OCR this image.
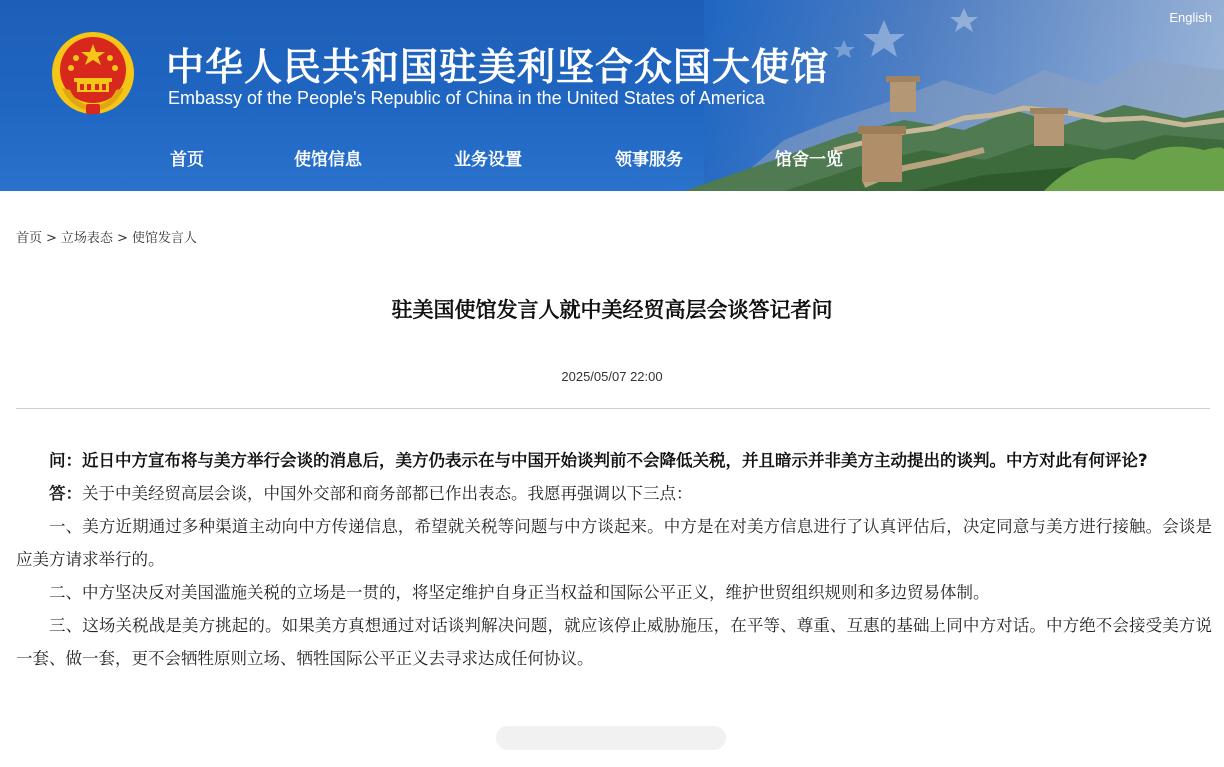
中华人民共和国驻美利坚合众国大使馆
Embassy of the People's Republic of China in the United States of America
English
首页	使馆信息	业务设置	领事服务	馆舍一览
首页 > 立场表态 > 使馆发言人
驻美国使馆发言人就中美经贸高层会谈答记者问
2025/05/07 22:00

问：近日中方宣布将与美方举行会谈的消息后，美方仍表示在与中国开始谈判前不会降低关税，并且暗示并非美方主动提出的谈判。中方对此有何评论?

答：关于中美经贸高层会谈，中国外交部和商务部都已作出表态。我愿再强调以下三点：

一、美方近期通过多种渠道主动向中方传递信息，希望就关税等问题与中方谈起来。中方是在对美方信息进行了认真评估后，决定同意与美方进行接触。会谈是应美方请求举行的。

二、中方坚决反对美国滥施关税的立场是一贯的，将坚定维护自身正当权益和国际公平正义，维护世贸组织规则和多边贸易体制。

三、这场关税战是美方挑起的。如果美方真想通过对话谈判解决问题，就应该停止威胁施压，在平等、尊重、互惠的基础上同中方对话。中方绝不会接受美方说一套、做一套，更不会牺牲原则立场、牺牲国际公平正义去寻求达成任何协议。
